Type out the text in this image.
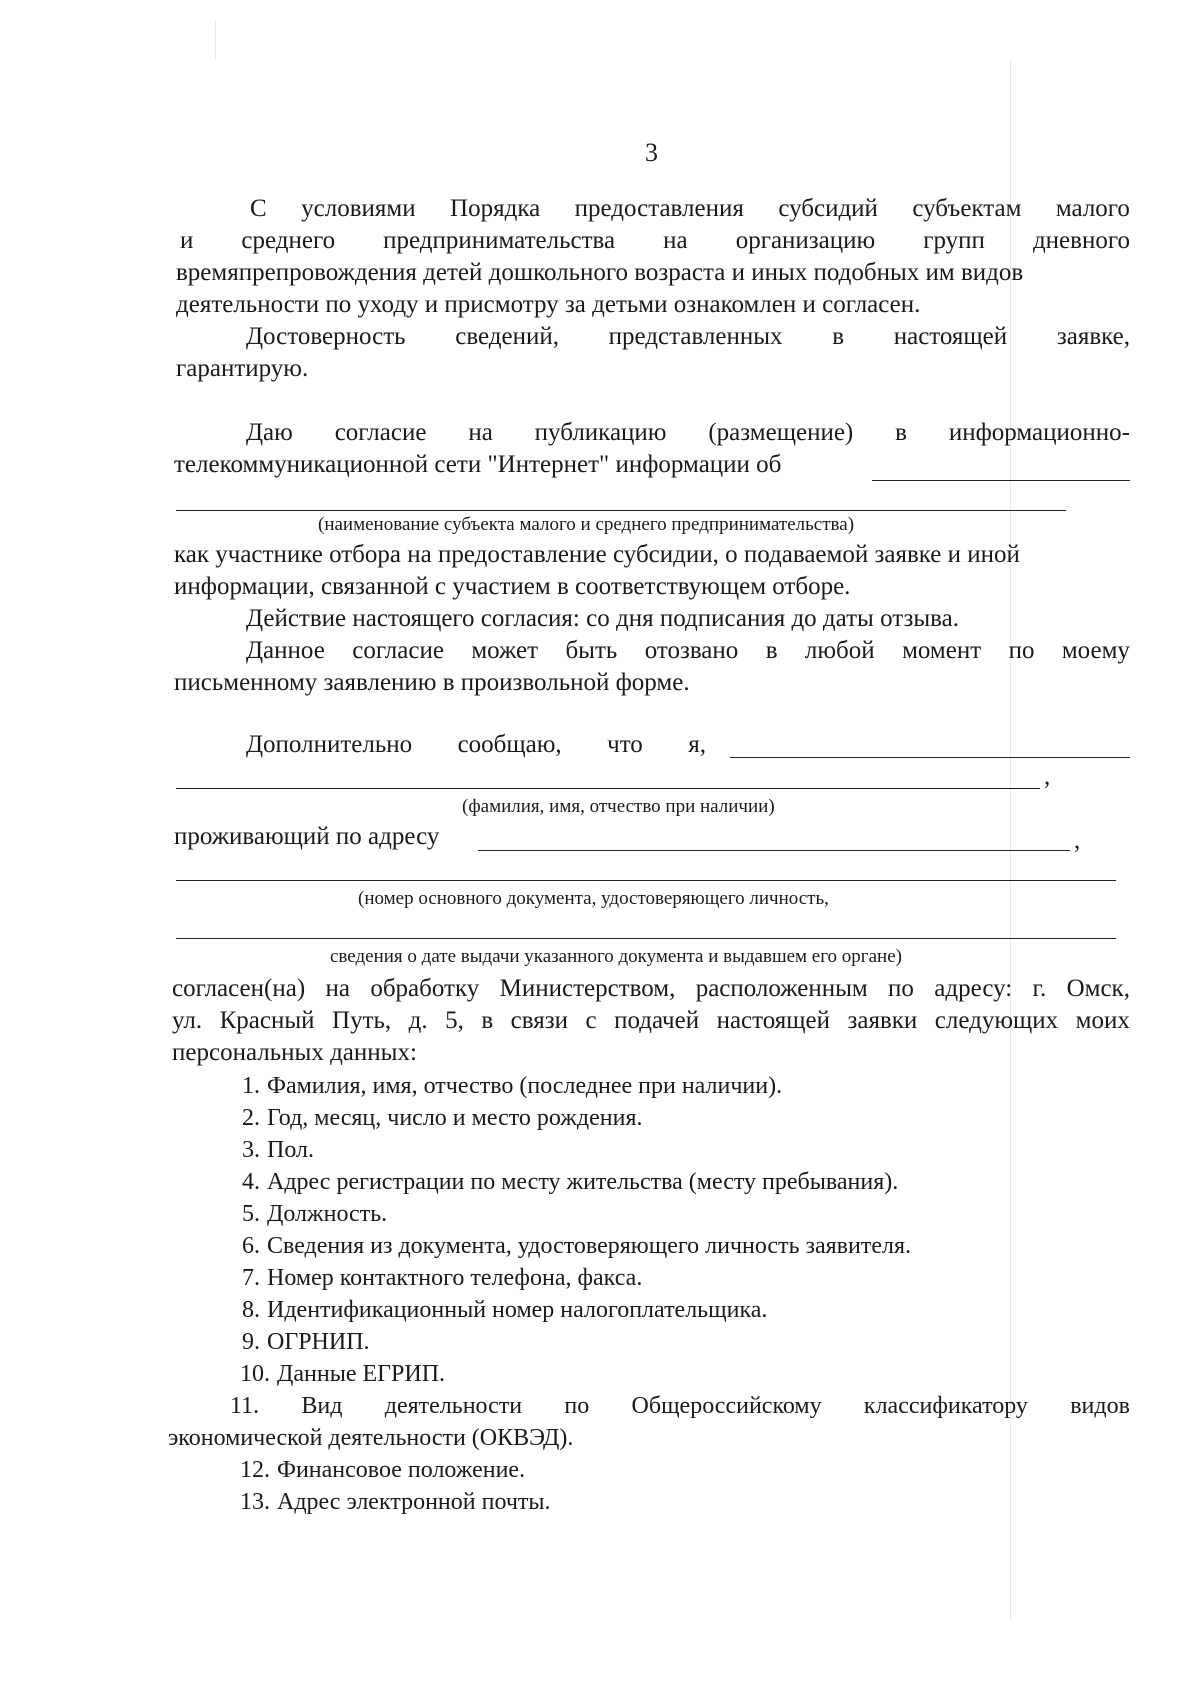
3
С условиями Порядка предоставления субсидий субъектам малого
и среднего предпринимательства на организацию групп дневного
времяпрепровождения детей дошкольного возраста и иных подобных им видов
деятельности по уходу и присмотру за детьми ознакомлен и согласен.
Достоверность сведений, представленных в настоящей заявке,
гарантирую.
Даю согласие на публикацию (размещение) в информационно-
телекоммуникационной сети "Интернет" информации об
(наименование субъекта малого и среднего предпринимательства)
как участнике отбора на предоставление субсидии, о подаваемой заявке и иной
информации, связанной с участием в соответствующем отборе.
Действие настоящего согласия: со дня подписания до даты отзыва.
Данное согласие может быть отозвано в любой момент по моему
письменному заявлению в произвольной форме.
Дополнительно сообщаю, что я,
,
(фамилия, имя, отчество при наличии)
проживающий по адресу	,
(номер основного документа, удостоверяющего личность,
сведения о дате выдачи указанного документа и выдавшем его органе)
согласен(на) на обработку Министерством, расположенным по адресу: г. Омск,
ул. Красный Путь, д. 5, в связи с подачей настоящей заявки следующих моих
персональных данных:
1. Фамилия, имя, отчество (последнее при наличии).
2. Год, месяц, число и место рождения.
3. Пол.
4. Адрес регистрации по месту жительства (месту пребывания).
5. Должность.
6. Сведения из документа, удостоверяющего личность заявителя.
7. Номер контактного телефона, факса.
8. Идентификационный номер налогоплательщика.
9. ОГРНИП.
10. Данные ЕГРИП.
11. Вид деятельности по Общероссийскому классификатору видов
экономической деятельности (ОКВЭД).
12. Финансовое положение.
13. Адрес электронной почты.
